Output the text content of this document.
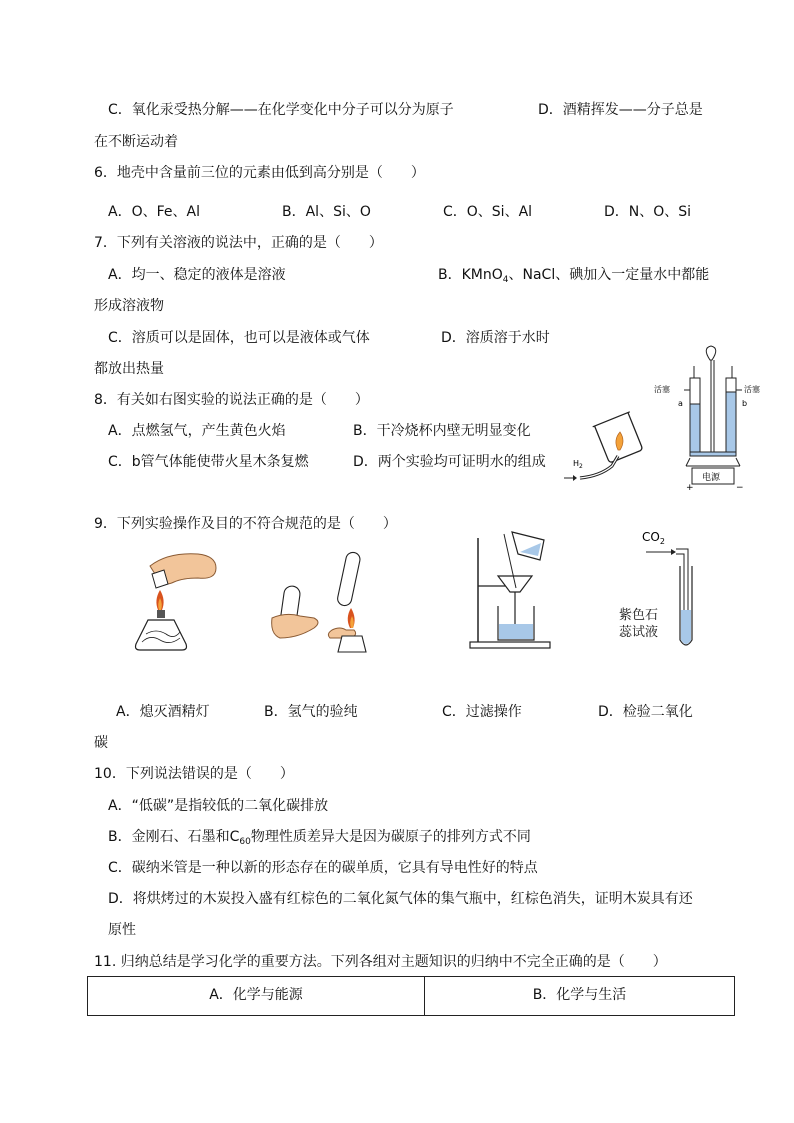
C．氧化汞受热分解——在化学变化中分子可以分为原子	D．酒精挥发——分子总是
在不断运动着
6．地壳中含量前三位的元素由低到高分别是（　　）
A．O、Fe、Al	B．Al、Si、O	C．O、Si、Al	D．N、O、Si
7．下列有关溶液的说法中，正确的是（　　）
A．均一、稳定的液体是溶液	B．KMnO$_4$、NaCl、碘加入一定量水中都能
形成溶液物
C．溶质可以是固体，也可以是液体或气体	D．溶质溶于水时
都放出热量
8．有关如右图实验的说法正确的是（　　）
A．点燃氢气，产生黄色火焰	B．干冷烧杯内壁无明显变化
C．b管气体能使带火星木条复燃	D．两个实验均可证明水的组成	$H_2$
活塞	活塞
a	b
电源
+	−
9．下列实验操作及目的不符合规范的是（　　）
$CO_2$
紫色石
蕊试液
A．熄灭酒精灯	B．氢气的验纯	C．过滤操作	D．检验二氧化
碳
10．下列说法错误的是（　　）
A．“低碳”是指较低的二氧化碳排放
B．金刚石、石墨和$C_{60}$物理性质差异大是因为碳原子的排列方式不同
C．碳纳米管是一种以新的形态存在的碳单质，它具有导电性好的特点
D．将烘烤过的木炭投入盛有红棕色的二氧化氮气体的集气瓶中，红棕色消失，证明木炭具有还
原性
11. 归纳总结是学习化学的重要方法。下列各组对主题知识的归纳中不完全正确的是（　　）
A．化学与能源	B．化学与生活
